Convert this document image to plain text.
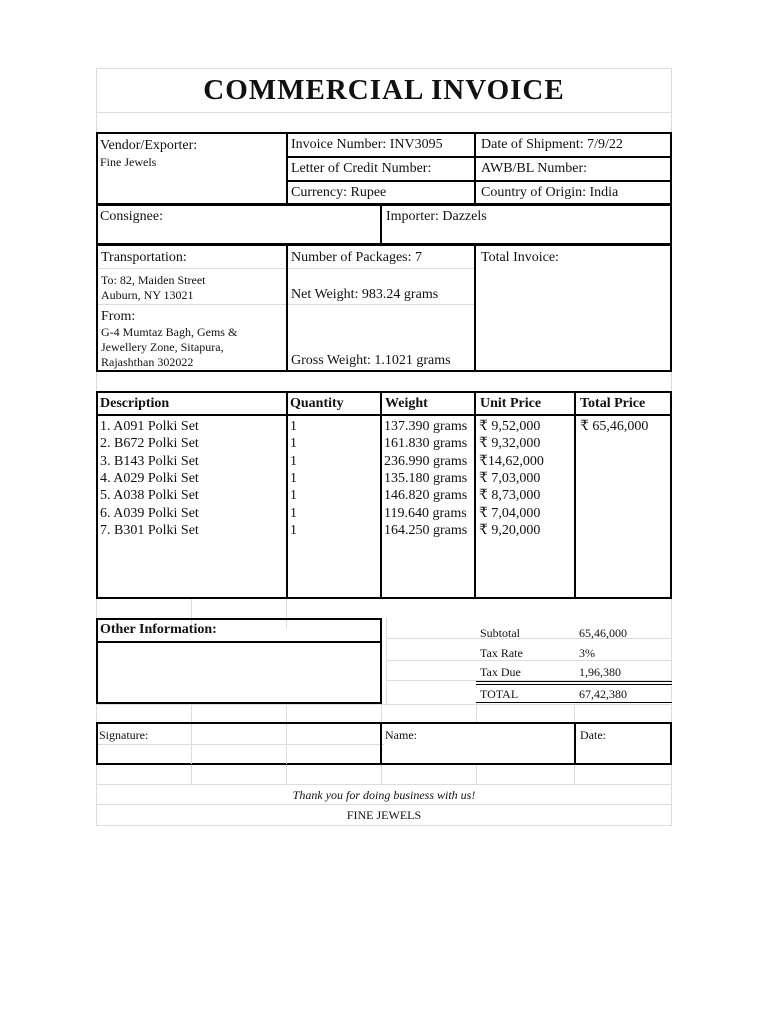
COMMERCIAL INVOICE
Vendor/Exporter:
Fine Jewels
Invoice Number: INV3095	Date of Shipment: 7/9/22
Letter of Credit Number:	AWB/BL Number:
Currency: Rupee	Country of Origin: India
Consignee:	Importer: Dazzels
Transportation:
To: 82, Maiden Street
Auburn, NY 13021
From:
G-4 Mumtaz Bagh, Gems &
Jewellery Zone, Sitapura,
Rajashthan 302022
Number of Packages: 7
Net Weight: 983.24 grams
Gross Weight: 1.1021 grams
Total Invoice:
Description	Quantity	Weight	Unit Price	Total Price
1. A091 Polki Set	1	137.390 grams ₹ 9,52,000
2. B672 Polki Set	1	161.830 grams ₹ 9,32,000
3. B143 Polki Set	1	236.990 grams ₹14,62,000
4. A029 Polki Set	1	135.180 grams ₹ 7,03,000
5. A038 Polki Set	1	146.820 grams ₹ 8,73,000
6. A039 Polki Set	1	119.640 grams ₹ 7,04,000
7. B301 Polki Set	1	164.250 grams ₹ 9,20,000
₹ 65,46,000
Other Information:	Subtotal	65,46,000
Tax Rate	3%
Tax Due	1,96,380
TOTAL	67,42,380
Signature:	Name:	Date:
Thank you for doing business with us!
FINE JEWELS
